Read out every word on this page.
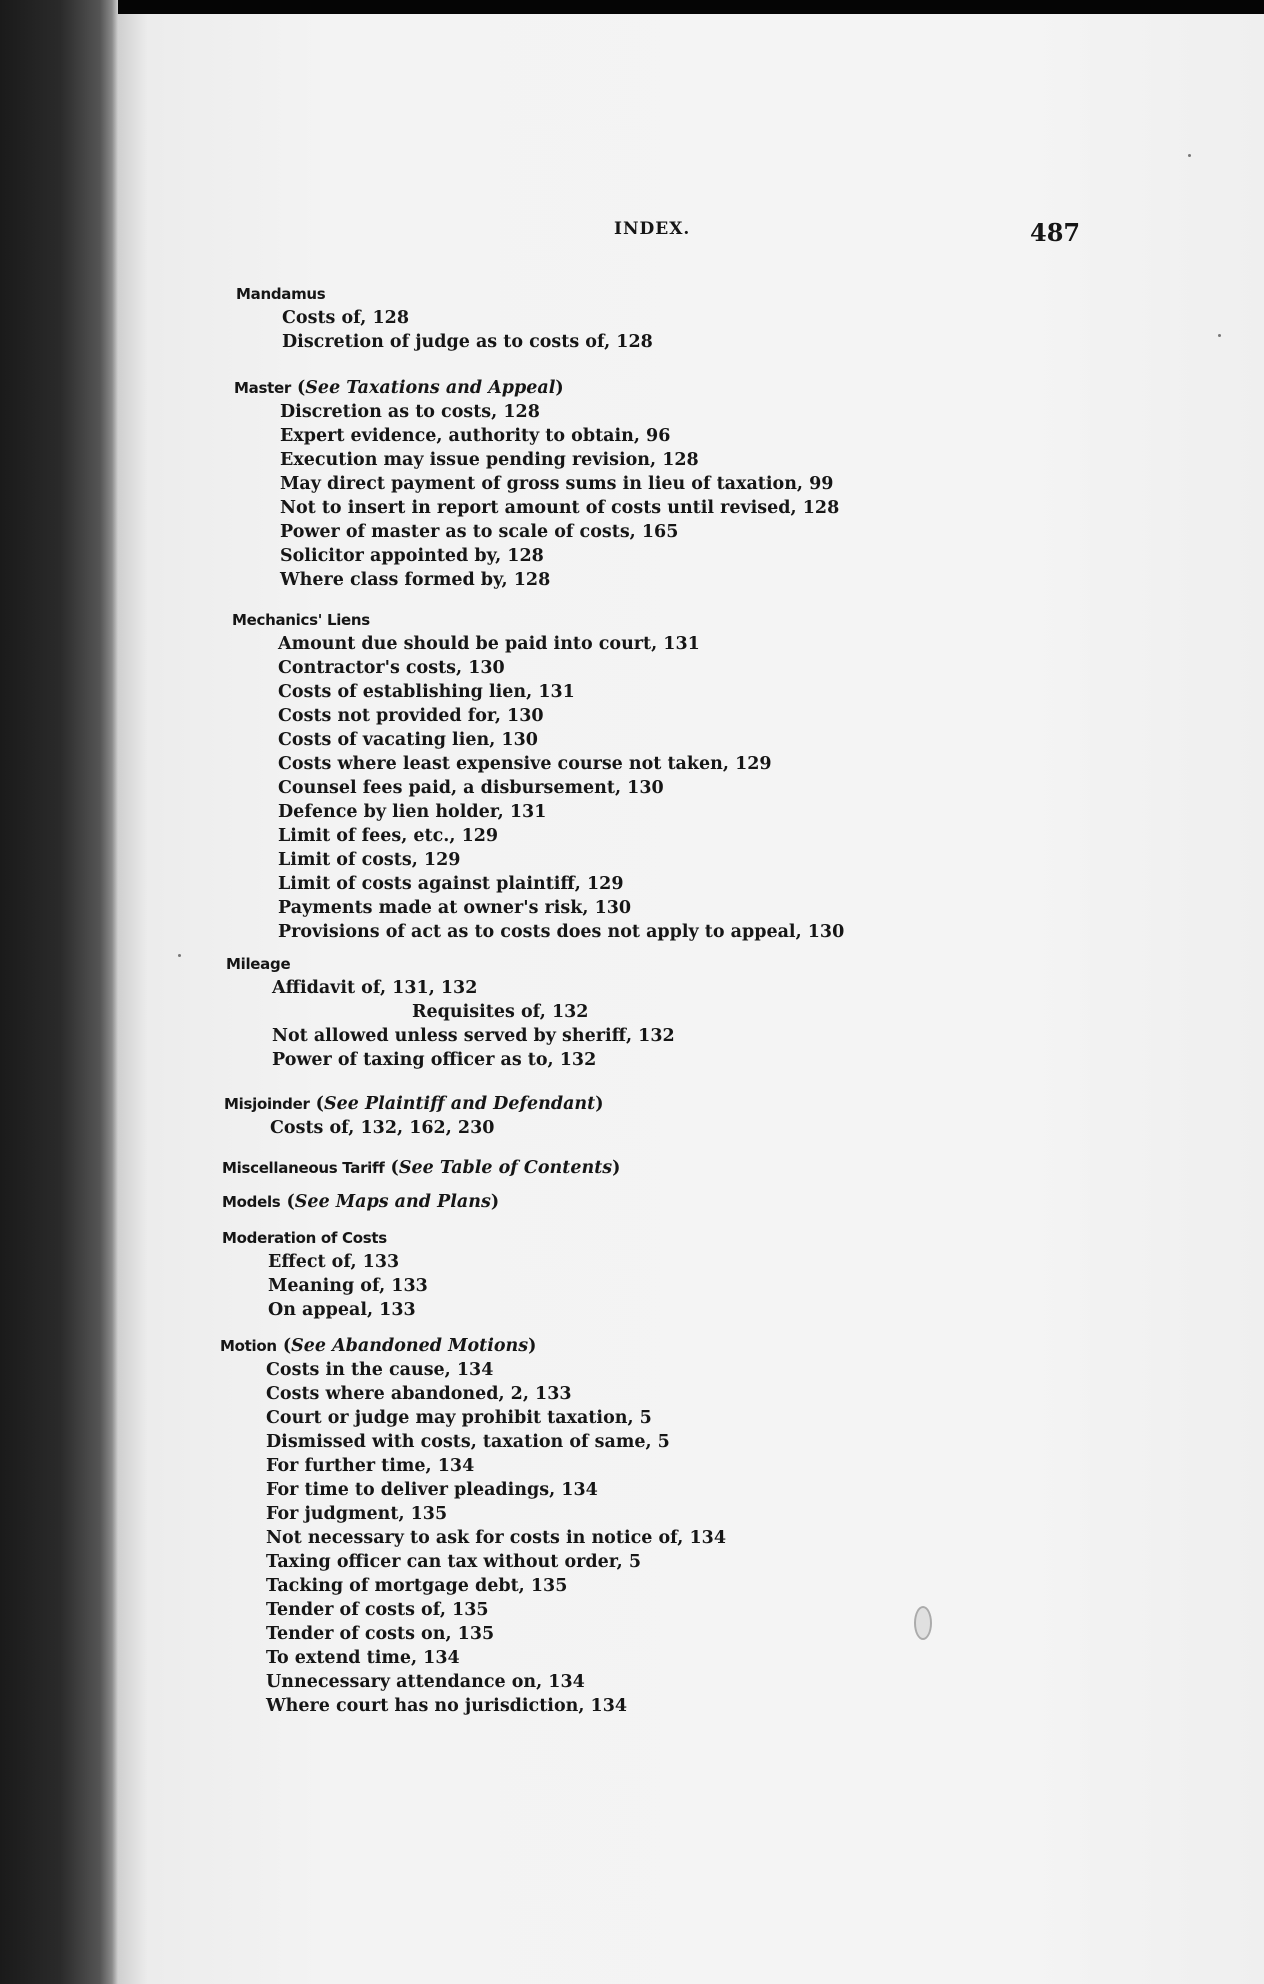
INDEX.	487
Mandamus
Costs of, 128
Discretion of judge as to costs of, 128
Master (See Taxations and Appeal)
Discretion as to costs, 128
Expert evidence, authority to obtain, 96
Execution may issue pending revision, 128
May direct payment of gross sums in lieu of taxation, 99
Not to insert in report amount of costs until revised, 128
Power of master as to scale of costs, 165
Solicitor appointed by, 128
Where class formed by, 128
Mechanics' Liens
Amount due should be paid into court, 131
Contractor's costs, 130
Costs of establishing lien, 131
Costs not provided for, 130
Costs of vacating lien, 130
Costs where least expensive course not taken, 129
Counsel fees paid, a disbursement, 130
Defence by lien holder, 131
Limit of fees, etc., 129
Limit of costs, 129
Limit of costs against plaintiff, 129
Payments made at owner's risk, 130
Provisions of act as to costs does not apply to appeal, 130
Mileage
Affidavit of, 131, 132
Requisites of, 132
Not allowed unless served by sheriff, 132
Power of taxing officer as to, 132
Misjoinder (See Plaintiff and Defendant)
Costs of, 132, 162, 230
Miscellaneous Tariff (See Table of Contents)
Models (See Maps and Plans)
Moderation of Costs
Effect of, 133
Meaning of, 133
On appeal, 133
Motion (See Abandoned Motions)
Costs in the cause, 134
Costs where abandoned, 2, 133
Court or judge may prohibit taxation, 5
Dismissed with costs, taxation of same, 5
For further time, 134
For time to deliver pleadings, 134
For judgment, 135
Not necessary to ask for costs in notice of, 134
Taxing officer can tax without order, 5
Tacking of mortgage debt, 135
Tender of costs of, 135
Tender of costs on, 135
To extend time, 134
Unnecessary attendance on, 134
Where court has no jurisdiction, 134
